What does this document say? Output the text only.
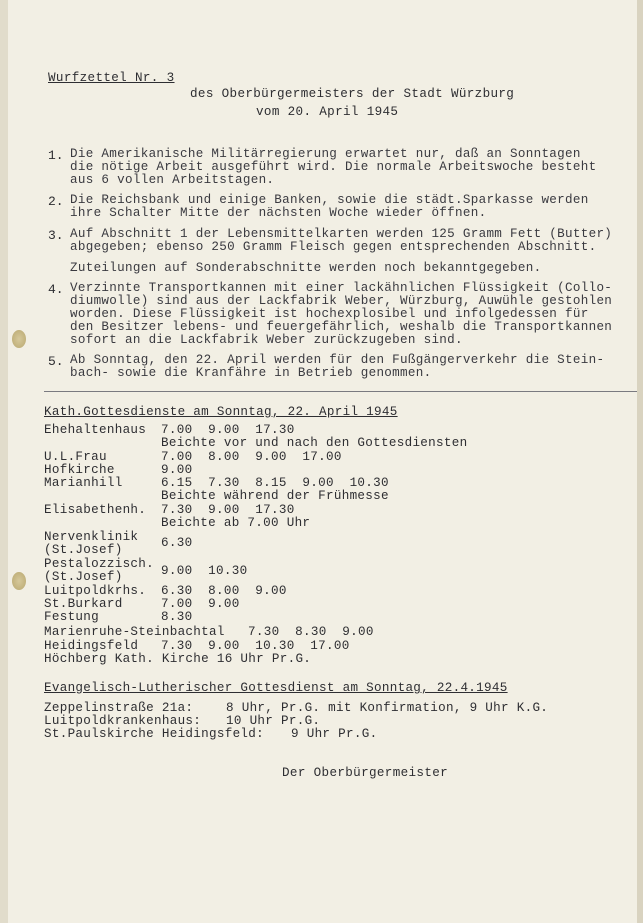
Wurfzettel Nr. 3
des Oberbürgermeisters der Stadt Würzburg
vom 20. April 1945
1. Die Amerikanische Militärregierung erwartet nur, daß an Sonntagen
die nötige Arbeit ausgeführt wird. Die normale Arbeitswoche besteht
aus 6 vollen Arbeitstagen.
2. Die Reichsbank und einige Banken, sowie die städt.Sparkasse werden
ihre Schalter Mitte der nächsten Woche wieder öffnen.
3. Auf Abschnitt 1 der Lebensmittelkarten werden 125 Gramm Fett (Butter)
abgegeben; ebenso 250 Gramm Fleisch gegen entsprechenden Abschnitt.
Zuteilungen auf Sonderabschnitte werden noch bekanntgegeben.
4. Verzinnte Transportkannen mit einer lackähnlichen Flüssigkeit (Collo-
diumwolle) sind aus der Lackfabrik Weber, Würzburg, Auwühle gestohlen
worden. Diese Flüssigkeit ist hochexplosibel und infolgedessen für
den Besitzer lebens- und feuergefährlich, weshalb die Transportkannen
sofort an die Lackfabrik Weber zurückzugeben sind.
5. Ab Sonntag, den 22. April werden für den Fußgängerverkehr die Stein-
bach- sowie die Kranfähre in Betrieb genommen.
Kath.Gottesdienste am Sonntag, 22. April 1945
Ehehaltenhaus 7.00  9.00  17.30
Beichte vor und nach den Gottesdiensten
U.L.Frau	7.00  8.00  9.00  17.00
Hofkirche	9.00
Marianhill	6.15  7.30  8.15  9.00  10.30
Beichte während der Frühmesse
Elisabethenh. 7.30  9.00  17.30
Beichte ab 7.00 Uhr
Nervenklinik
(St.Josef)	6.30
Pestalozzisch.
(St.Josef)	9.00  10.30
Luitpoldkrhs. 6.30  8.00  9.00
St.Burkard	7.00  9.00
Festung	8.30
Marienruhe-Steinbachtal 7.30  8.30  9.00
Heidingsfeld 7.30  9.00  10.30  17.00
Höchberg Kath. Kirche 16 Uhr Pr.G.
Evangelisch-Lutherischer Gottesdienst am Sonntag, 22.4.1945
Zeppelinstraße 21a:	8 Uhr, Pr.G. mit Konfirmation, 9 Uhr K.G.
Luitpoldkrankenhaus: 10 Uhr Pr.G.
St.Paulskirche Heidingsfeld: 9 Uhr Pr.G.
Der Oberbürgermeister
